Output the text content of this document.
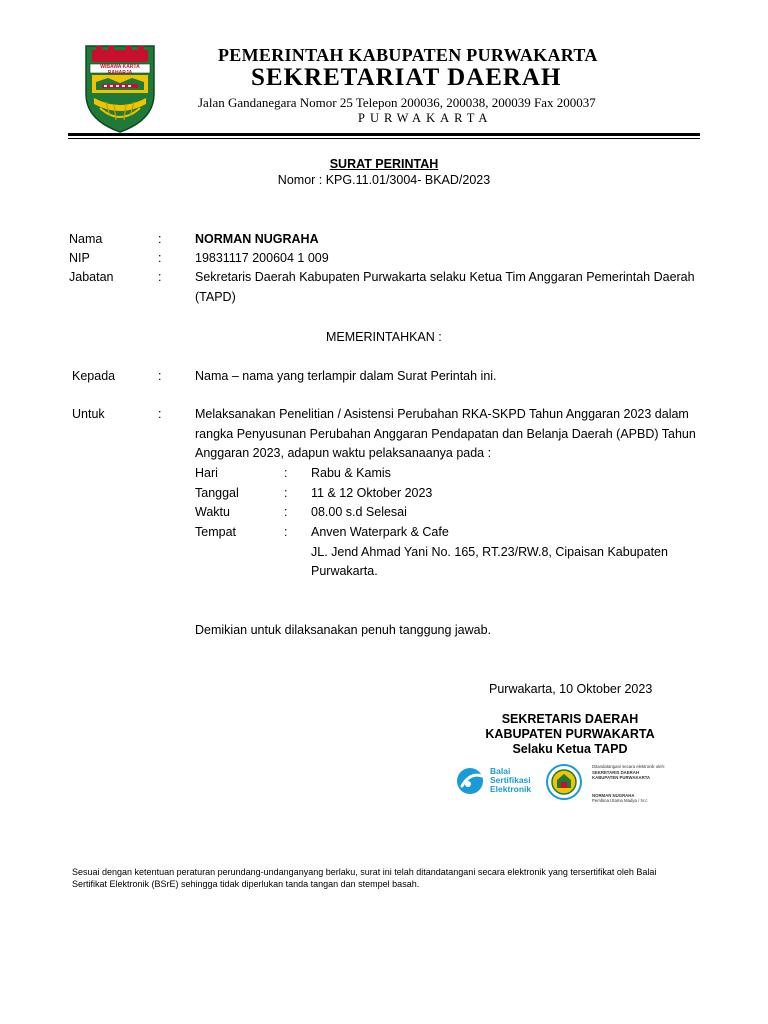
WIBAWA KARTA RAHARJA
PEMERINTAH KABUPATEN PURWAKARTA
SEKRETARIAT DAERAH
Jalan Gandanegara Nomor 25 Telepon 200036, 200038, 200039 Fax 200037
PURWAKARTA
SURAT PERINTAH
Nomor : KPG.11.01/3004- BKAD/2023
Nama	:	NORMAN NUGRAHA
NIP	:	19831117 200604 1 009
Jabatan	:	Sekretaris Daerah Kabupaten Purwakarta selaku Ketua Tim Anggaran Pemerintah Daerah
(TAPD)
MEMERINTAHKAN :
Kepada	:	Nama – nama yang terlampir dalam Surat Perintah ini.
Untuk	:	Melaksanakan Penelitian / Asistensi Perubahan RKA-SKPD Tahun Anggaran 2023 dalam
rangka Penyusunan Perubahan Anggaran Pendapatan dan Belanja Daerah (APBD) Tahun
Anggaran 2023, adapun waktu pelaksanaanya pada :
Hari	: Rabu & Kamis
Tanggal	: 11 & 12 Oktober 2023
Waktu	: 08.00 s.d Selesai
Tempat	: Anven Waterpark & Cafe
JL. Jend Ahmad Yani No. 165, RT.23/RW.8, Cipaisan Kabupaten
Purwakarta.
Demikian untuk dilaksanakan penuh tanggung jawab.
Purwakarta, 10 Oktober 2023
SEKRETARIS DAERAH
KABUPATEN PURWAKARTA
Selaku Ketua TAPD
Balai
Sertifikasi
Elektronik
Ditandatangani secara elektronik oleh:
SEKRETARIS DAERAH
KABUPATEN PURWAKARTA
NORMAN NUGRAHA
Pembina Utama Madya / IV.c
Sesuai dengan ketentuan peraturan perundang-undanganyang berlaku, surat ini telah ditandatangani secara elektronik yang tersertifikat oleh Balai
Sertifikat Elektronik (BSrE) sehingga tidak diperlukan tanda tangan dan stempel basah.
